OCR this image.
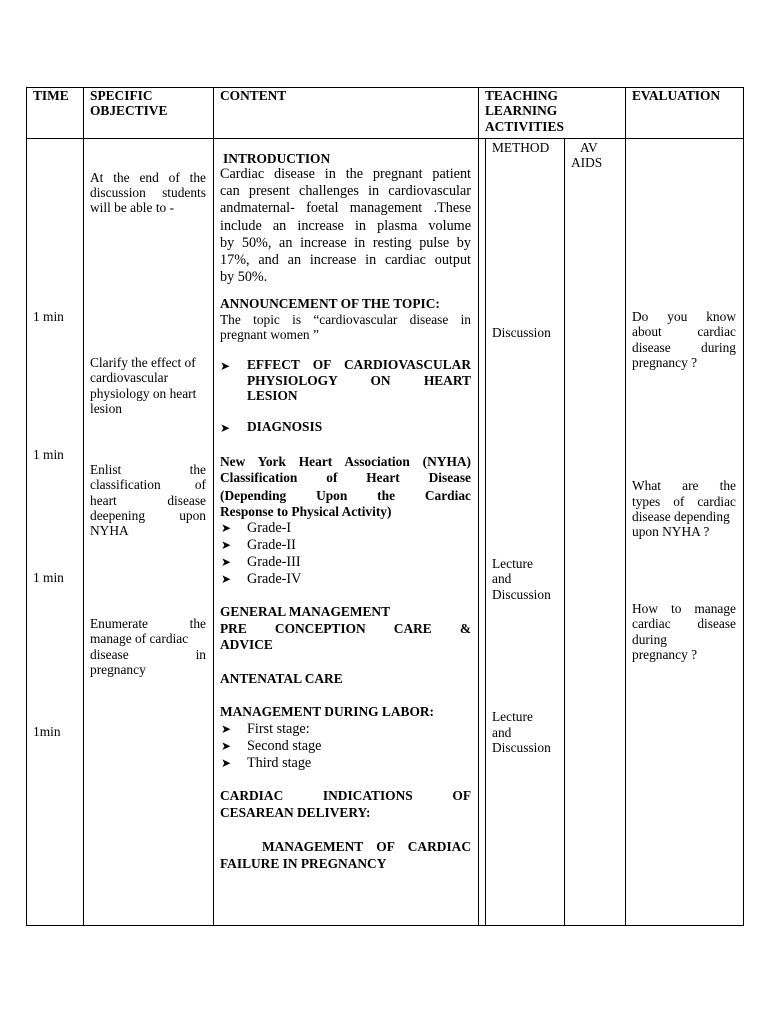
TIME SPECIFIC
OBJECTIVE
CONTENT	TEACHING
LEARNING
ACTIVITIES
EVALUATION
METHOD AV
AIDS
1 min
1 min
1 min
1min
At the end of the
discussion students
will be able to -
Clarify the effect of
cardiovascular
physiology on heart
lesion
Enlist the
classification of
heart disease
deepening upon
NYHA
Enumerate the
manage of cardiac
disease in
pregnancy
INTRODUCTION
Cardiac disease in the pregnant patient
can present challenges in cardiovascular
andmaternal- foetal management .These
include an increase in plasma volume
by 50%, an increase in resting pulse by
17%, and an increase in cardiac output
by 50%.
ANNOUNCEMENT OF THE TOPIC:
The topic is “cardiovascular disease in
pregnant women ”
➤ EFFECT OF CARDIOVASCULAR
PHYSIOLOGY ON HEART
LESION
➤ DIAGNOSIS
New York Heart Association (NYHA)
Classification of Heart Disease
(Depending Upon the Cardiac
Response to Physical Activity)
➤ Grade-I
➤ Grade-II
➤ Grade-III
➤ Grade-IV
GENERAL MANAGEMENT
PRE CONCEPTION CARE &
ADVICE
ANTENATAL CARE
MANAGEMENT DURING LABOR:
➤ First stage:
➤ Second stage
➤ Third stage
CARDIAC INDICATIONS OF
CESAREAN DELIVERY:
MANAGEMENT OF CARDIAC
FAILURE IN PREGNANCY
Discussion
Lecture
and
Discussion
Lecture
and
Discussion
Do you know
about cardiac
disease during
pregnancy ?
What are the
types of cardiac
disease depending
upon NYHA ?
How to manage
cardiac disease
during
pregnancy ?
